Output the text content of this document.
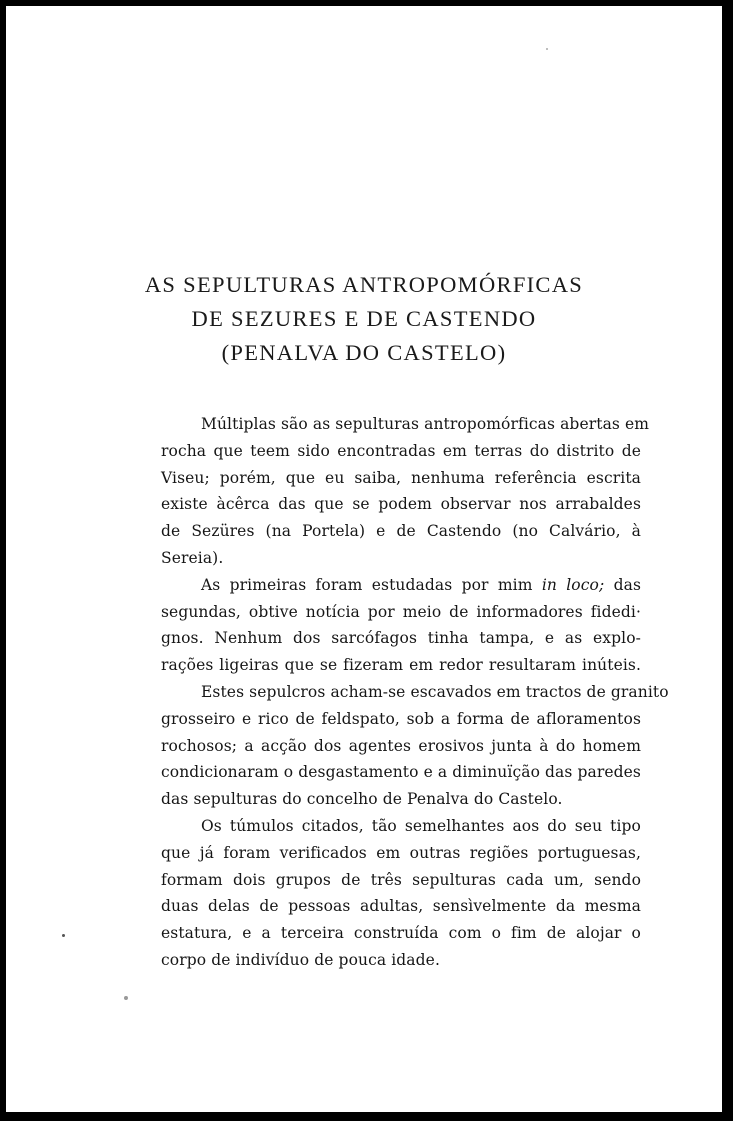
AS SEPULTURAS ANTROPOMÓRFICAS
DE SEZURES E DE CASTENDO
(PENALVA DO CASTELO)

Múltiplas são as sepulturas antropomórficas abertas em
rocha que teem sido encontradas em terras do distrito de
Viseu; porém, que eu saiba, nenhuma referência escrita
existe àcêrca das que se podem observar nos arrabaldes
de Sezüres (na Portela) e de Castendo (no Calvário, à
Sereia).

As primeiras foram estudadas por mim in loco; das
segundas, obtive notícia por meio de informadores fidedi·
gnos. Nenhum dos sarcófagos tinha tampa, e as explo-
rações ligeiras que se fizeram em redor resultaram inúteis.

Estes sepulcros acham-se escavados em tractos de granito
grosseiro e rico de feldspato, sob a forma de afloramentos
rochosos; a acção dos agentes erosivos junta à do homem
condicionaram o desgastamento e a diminuïção das paredes
das sepulturas do concelho de Penalva do Castelo.

Os túmulos citados, tão semelhantes aos do seu tipo
que já foram verificados em outras regiões portuguesas,
formam dois grupos de três sepulturas cada um, sendo
duas delas de pessoas adultas, sensìvelmente da mesma
estatura, e a terceira construída com o fim de alojar o
corpo de indivíduo de pouca idade.
